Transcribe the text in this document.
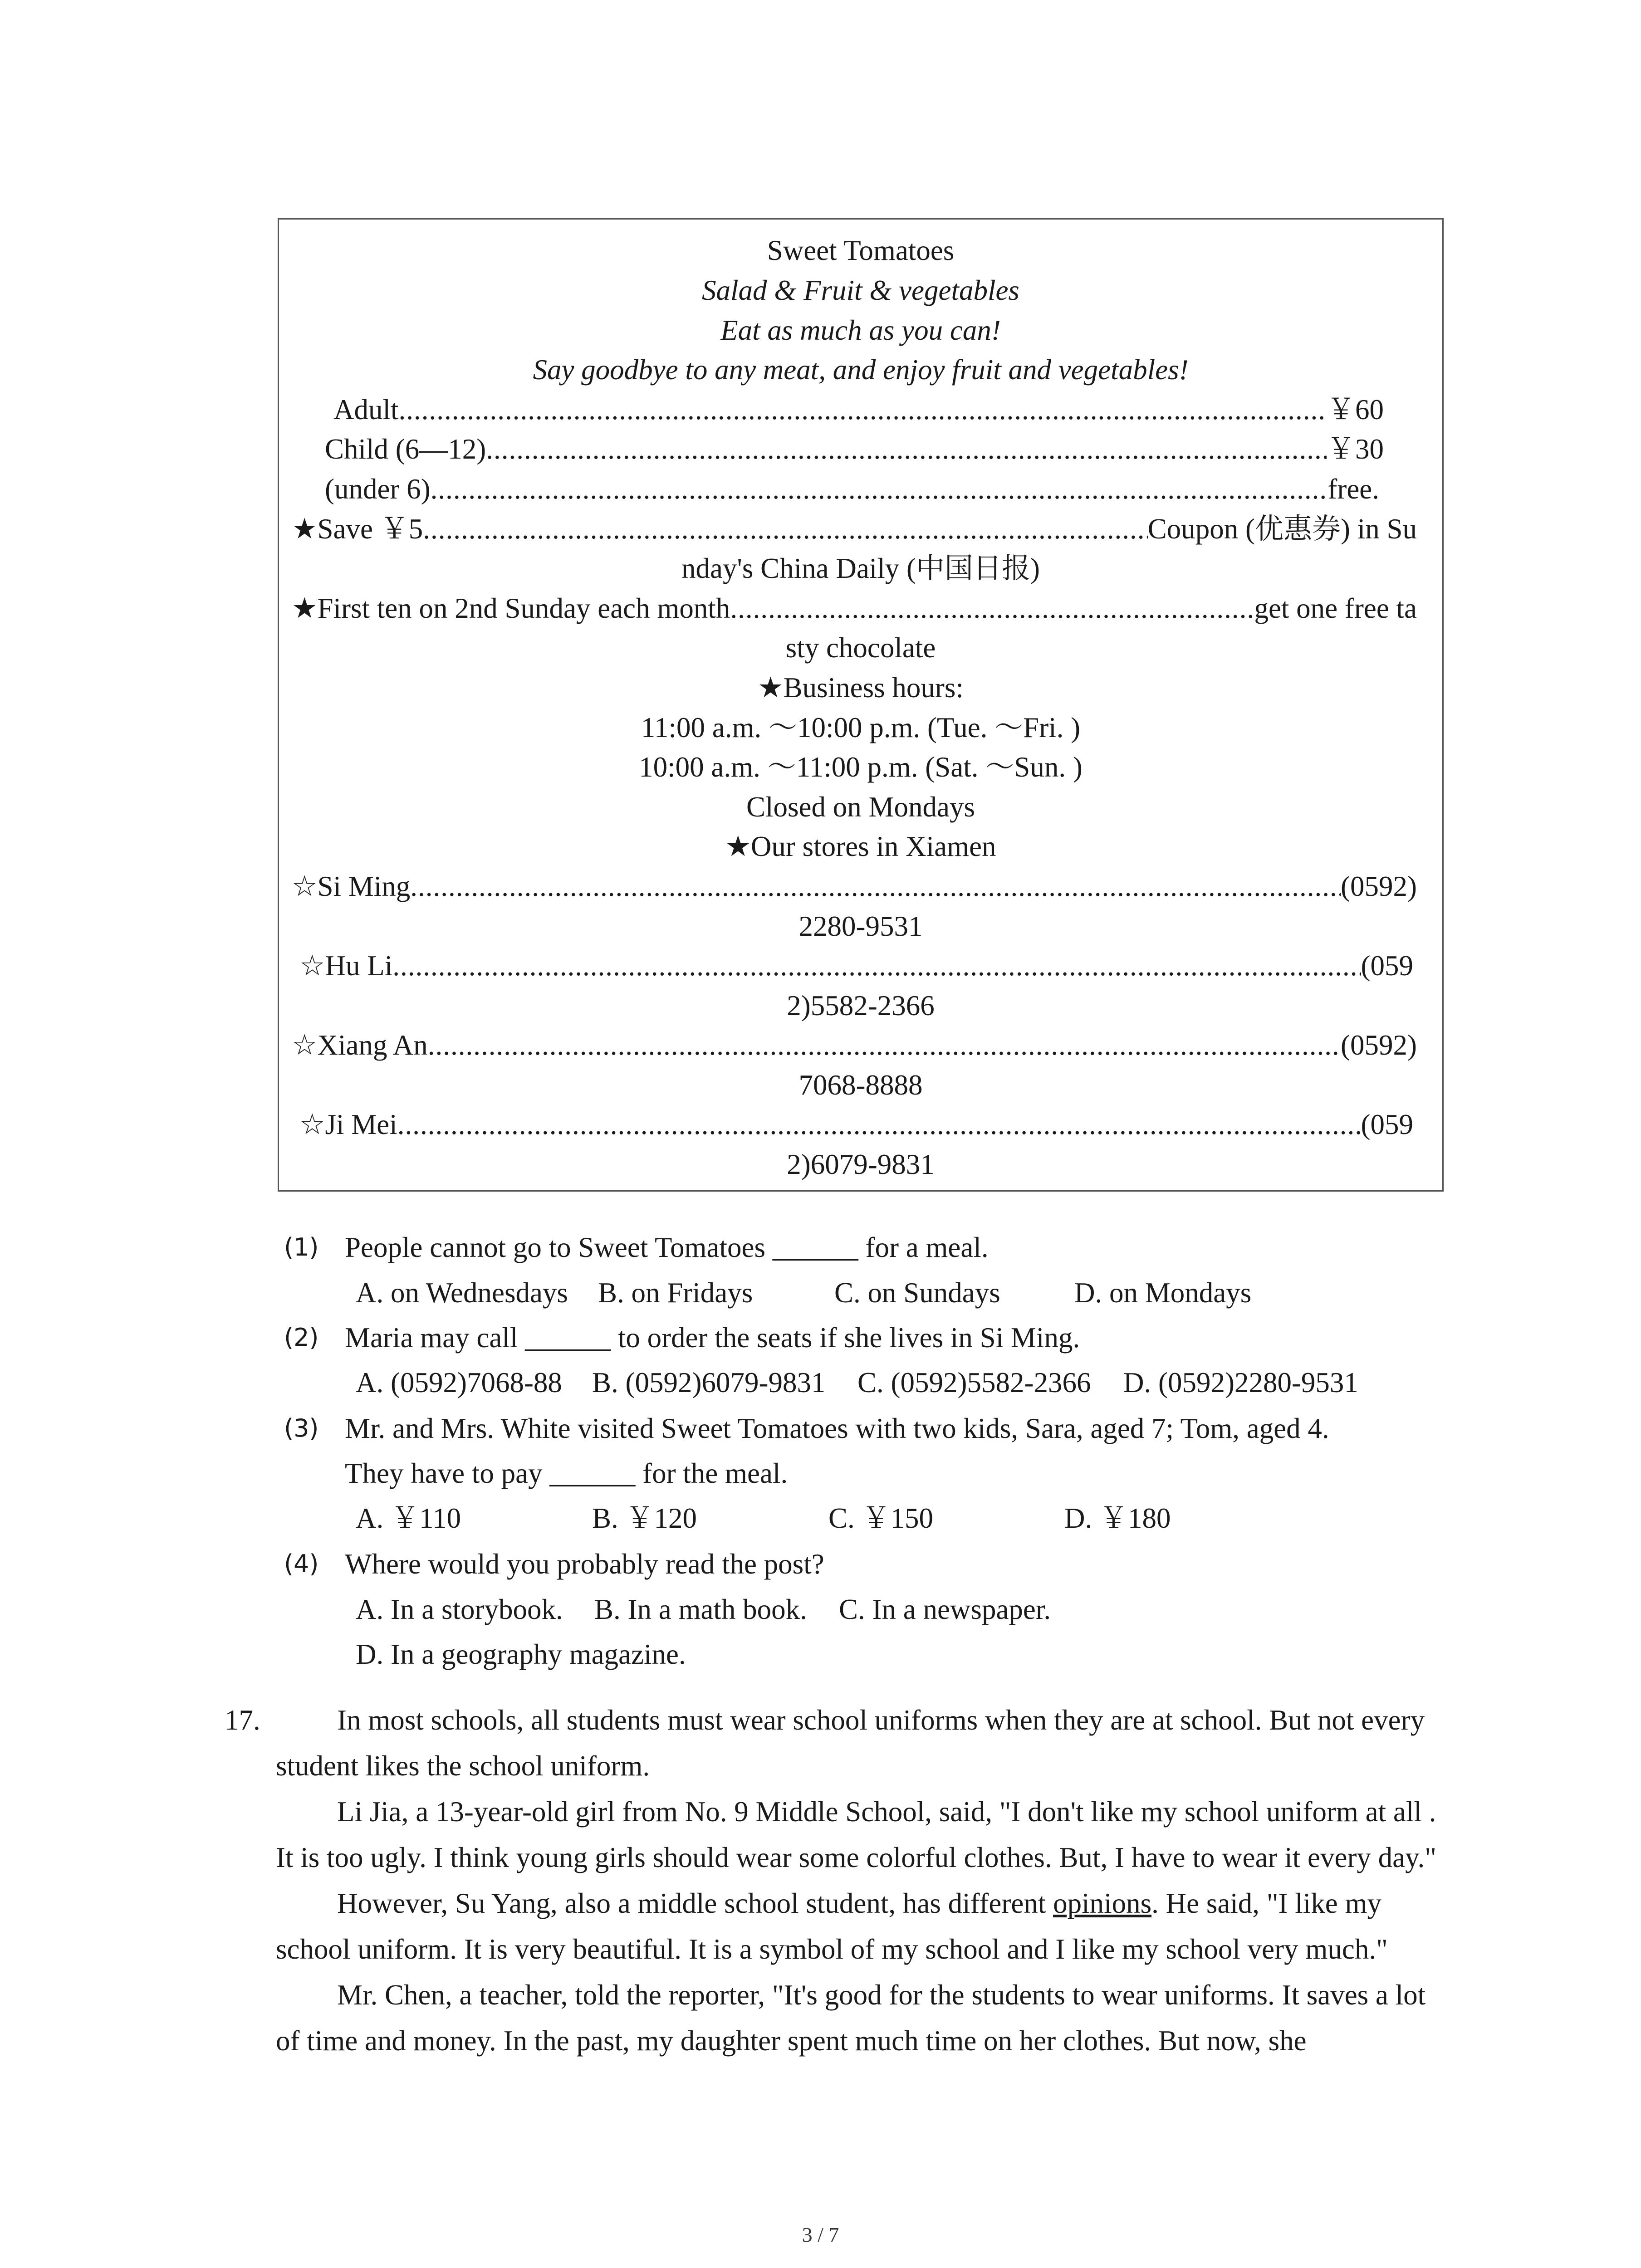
Sweet Tomatoes
Salad & Fruit & vegetables
Eat as much as you can!
Say goodbye to any meat, and enjoy fruit and vegetables!
Adult .....	￥60
Child (6—12) .....	￥30
(under 6) .....	free.
★Save ￥5 .....	Coupon (优惠券) in Su
nday's China Daily (中国日报)
★First ten on 2nd Sunday each month .....	get one free ta
sty chocolate
★Business hours:
11:00 a.m. ～10:00 p.m. (Tue. ～Fri. )
10:00 a.m. ～11:00 p.m. (Sat. ～Sun. )
Closed on Mondays
★Our stores in Xiamen
☆Si Ming .....	(0592)
2280-9531
☆Hu Li .....	(059
2)5582-2366
☆Xiang An .....	(0592)
7068-8888
☆Ji Mei .....	(059
2)6079-9831
(1) People cannot go to Sweet Tomatoes ______ for a meal.
A. on Wednesdays B. on Fridays	C. on Sundays	D. on Mondays
(2) Maria may call ______ to order the seats if she lives in Si Ming.
A. (0592)7068-88 B. (0592)6079-9831 C. (0592)5582-2366 D. (0592)2280-9531
(3) Mr. and Mrs. White visited Sweet Tomatoes with two kids, Sara, aged 7; Tom, aged 4.
They have to pay ______ for the meal.
A. ￥110	B. ￥120	C. ￥150	D. ￥180
(4) Where would you probably read the post?
A. In a storybook. B. In a math book. C. In a newspaper.
D. In a geography magazine.
17.	In most schools, all students must wear school uniforms when they are at school. But not every student likes the school uniform.

Li Jia, a 13-year-old girl from No. 9 Middle School, said, "I don't like my school uniform at all . It is too ugly. I think young girls should wear some colorful clothes. But, I have to wear it every day."

However, Su Yang, also a middle school student, has different opinions. He said, "I like my school uniform. It is very beautiful. It is a symbol of my school and I like my school very much."

Mr. Chen, a teacher, told the reporter, "It's good for the students to wear uniforms. It saves a lot of time and money. In the past, my daughter spent much time on her clothes. But now, she

3 / 7
